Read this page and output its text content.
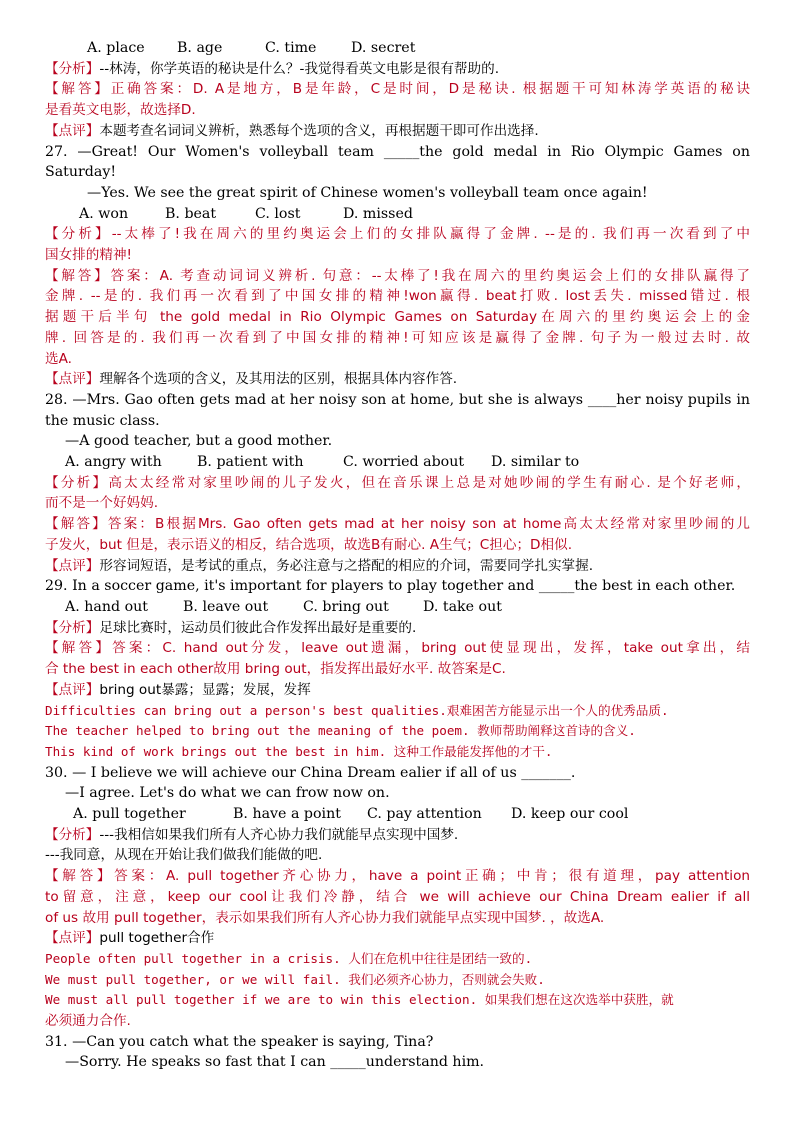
A. place B. age	C. time D. secret
【分析】--林涛，你学英语的秘诀是什么？-我觉得看英文电影是很有帮助的.
【解答】正确答案：D. A是地方，B是年龄，C是时间，D是秘诀. 根据题干可知林涛学英语的秘诀
是看英文电影，故选择D.
【点评】本题考查名词词义辨析，熟悉每个选项的含义，再根据题干即可作出选择.
27. —Great! Our Women's volleyball team _____the gold medal in Rio Olympic Games on
Saturday!
—Yes. We see the great spirit of Chinese women's volleyball team once again!
A. won	B. beat	C. lost	D. missed
【分析】--太棒了!我在周六的里约奥运会上们的女排队赢得了金牌. --是的. 我们再一次看到了中
国女排的精神!
【解答】答案：A. 考查动词词义辨析. 句意：--太棒了!我在周六的里约奥运会上们的女排队赢得了
金牌. --是的. 我们再一次看到了中国女排的精神!won赢得. beat打败. lost丢失. missed错过. 根
据题干后半句 the gold medal in Rio Olympic Games on Saturday在周六的里约奥运会上的金
牌. 回答是的. 我们再一次看到了中国女排的精神!可知应该是赢得了金牌. 句子为一般过去时. 故
选A.
【点评】理解各个选项的含义，及其用法的区别，根据具体内容作答.
28. —Mrs. Gao often gets mad at her noisy son at home, but she is always ____her noisy pupils in
the music class.
—A good teacher, but a good mother.
A. angry with B. patient with	C. worried about D. similar to
【分析】高太太经常对家里吵闹的儿子发火，但在音乐课上总是对她吵闹的学生有耐心. 是个好老师，
而不是一个好妈妈.
【解答】答案：B根据Mrs. Gao often gets mad at her noisy son at home高太太经常对家里吵闹的儿
子发火，but 但是，表示语义的相反，结合选项，故选B有耐心. A生气；C担心；D相似.
【点评】形容词短语，是考试的重点，务必注意与之搭配的相应的介词，需要同学扎实掌握.
29. In a soccer game, it's important for players to play together and _____the best in each other.
A. hand out B. leave out C. bring out D. take out
【分析】足球比赛时，运动员们彼此合作发挥出最好是重要的.
【解答】答案：C. hand out分发，leave out遗漏，bring out使显现出，发挥，take out拿出，结
合 the best in each other故用 bring out，指发挥出最好水平. 故答案是C.
【点评】bring out暴露；显露；发展，发挥
Difficulties can bring out a person's best qualities.艰难困苦方能显示出一个人的优秀品质.
The teacher helped to bring out the meaning of the poem. 教师帮助阐释这首诗的含义.
This kind of work brings out the best in him. 这种工作最能发挥他的才干.
30. — I believe we will achieve our China Dream ealier if all of us _______.
—I agree. Let's do what we can frow now on.
A. pull together	B. have a point C. pay attention D. keep our cool
【分析】---我相信如果我们所有人齐心协力我们就能早点实现中国梦.
---我同意，从现在开始让我们做我们能做的吧.
【解答】答案：A. pull together齐心协力，have a point正确；中肯；很有道理，pay attention
to留意，注意，keep our cool让我们冷静，结合 we will achieve our China Dream ealier if all
of us 故用 pull together，表示如果我们所有人齐心协力我们就能早点实现中国梦. ，故选A.
【点评】pull together合作
People often pull together in a crisis. 人们在危机中往往是团结一致的.
We must pull together, or we will fail. 我们必须齐心协力，否则就会失败.
We must all pull together if we are to win this election. 如果我们想在这次选举中获胜，就
必须通力合作.
31. —Can you catch what the speaker is saying, Tina?
—Sorry. He speaks so fast that I can _____understand him.
